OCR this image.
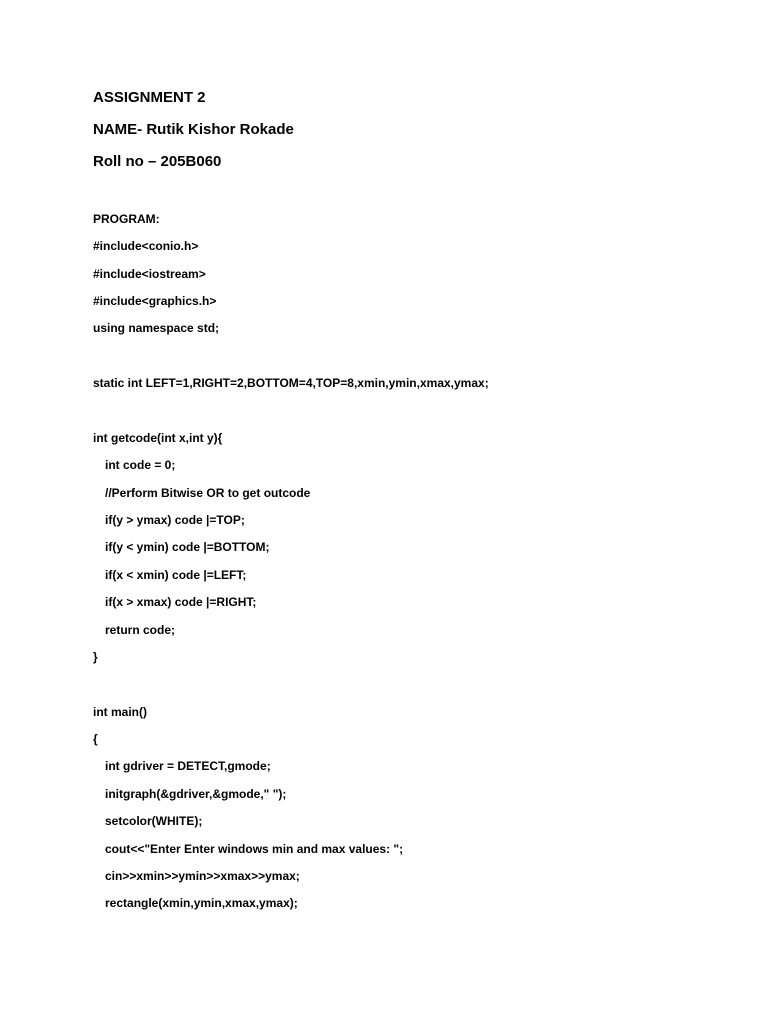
ASSIGNMENT 2
NAME- Rutik Kishor Rokade
Roll no – 205B060
PROGRAM:
#include<conio.h>
#include<iostream>
#include<graphics.h>
using namespace std;
static int LEFT=1,RIGHT=2,BOTTOM=4,TOP=8,xmin,ymin,xmax,ymax;
int getcode(int x,int y){
int code = 0;
//Perform Bitwise OR to get outcode
if(y > ymax) code |=TOP;
if(y < ymin) code |=BOTTOM;
if(x < xmin) code |=LEFT;
if(x > xmax) code |=RIGHT;
return code;
}
int main()
{
int gdriver = DETECT,gmode;
initgraph(&gdriver,&gmode," ");
setcolor(WHITE);
cout<<"Enter Enter windows min and max values: ";
cin>>xmin>>ymin>>xmax>>ymax;
rectangle(xmin,ymin,xmax,ymax);
